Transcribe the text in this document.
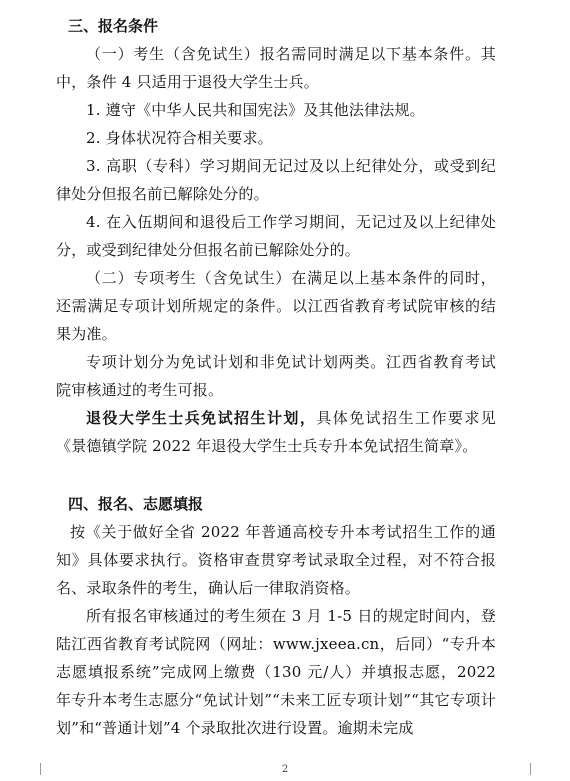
三、报名条件

（一）考生（含免试生）报名需同时满足以下基本条件。其中，条件 4 只适用于退役大学生士兵。

1. 遵守《中华人民共和国宪法》及其他法律法规。

2. 身体状况符合相关要求。

3. 高职（专科）学习期间无记过及以上纪律处分，或受到纪律处分但报名前已解除处分的。

4. 在入伍期间和退役后工作学习期间，无记过及以上纪律处分，或受到纪律处分但报名前已解除处分的。

（二）专项考生（含免试生）在满足以上基本条件的同时，还需满足专项计划所规定的条件。以江西省教育考试院审核的结果为准。

专项计划分为免试计划和非免试计划两类。江西省教育考试院审核通过的考生可报。

退役大学生士兵免试招生计划，具体免试招生工作要求见《景德镇学院 2022 年退役大学生士兵专升本免试招生简章》。

四、报名、志愿填报

按《关于做好全省 2022 年普通高校专升本考试招生工作的通知》具体要求执行。资格审查贯穿考试录取全过程，对不符合报名、录取条件的考生，确认后一律取消资格。

所有报名审核通过的考生须在 3 月 1-5 日的规定时间内，登陆江西省教育考试院网（网址：www.jxeea.cn，后同）“专升本志愿填报系统”完成网上缴费（130 元/人）并填报志愿，2022 年专升本考生志愿分“免试计划”“未来工匠专项计划”“其它专项计划”和“普通计划”4 个录取批次进行设置。逾期未完成

2
